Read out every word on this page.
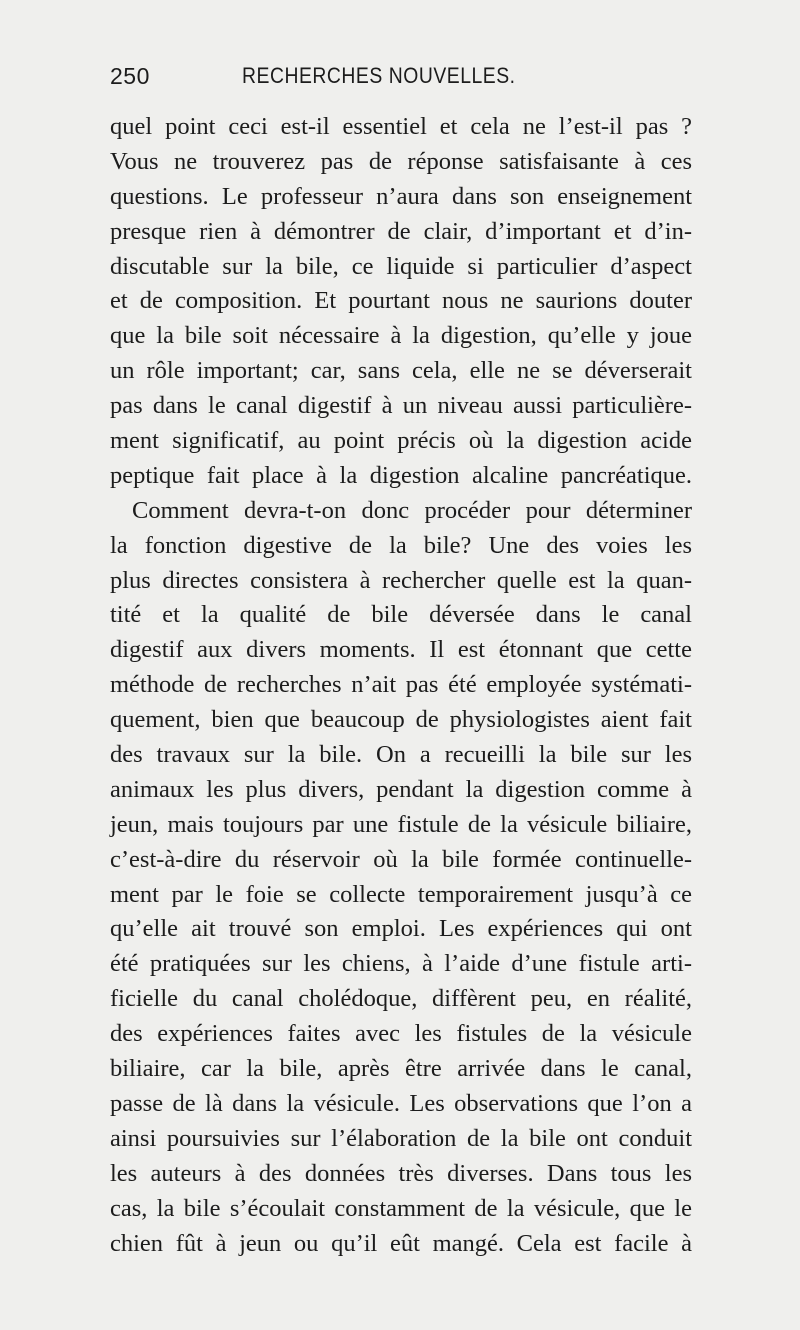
250	RECHERCHES NOUVELLES.
quel point ceci est-il essentiel et cela ne l’est-il pas ?
Vous ne trouverez pas de réponse satisfaisante à ces
questions. Le professeur n’aura dans son enseignement
presque rien à démontrer de clair, d’important et d’in-
discutable sur la bile, ce liquide si particulier d’aspect
et de composition. Et pourtant nous ne saurions douter
que la bile soit nécessaire à la digestion, qu’elle y joue
un rôle important; car, sans cela, elle ne se déverserait
pas dans le canal digestif à un niveau aussi particulière-
ment significatif, au point précis où la digestion acide
peptique fait place à la digestion alcaline pancréatique.
Comment devra-t-on donc procéder pour déterminer
la fonction digestive de la bile? Une des voies les
plus directes consistera à rechercher quelle est la quan-
tité et la qualité de bile déversée dans le canal
digestif aux divers moments. Il est étonnant que cette
méthode de recherches n’ait pas été employée systémati-
quement, bien que beaucoup de physiologistes aient fait
des travaux sur la bile. On a recueilli la bile sur les
animaux les plus divers, pendant la digestion comme à
jeun, mais toujours par une fistule de la vésicule biliaire,
c’est-à-dire du réservoir où la bile formée continuelle-
ment par le foie se collecte temporairement jusqu’à ce
qu’elle ait trouvé son emploi. Les expériences qui ont
été pratiquées sur les chiens, à l’aide d’une fistule arti-
ficielle du canal cholédoque, diffèrent peu, en réalité,
des expériences faites avec les fistules de la vésicule
biliaire, car la bile, après être arrivée dans le canal,
passe de là dans la vésicule. Les observations que l’on a
ainsi poursuivies sur l’élaboration de la bile ont conduit
les auteurs à des données très diverses. Dans tous les
cas, la bile s’écoulait constamment de la vésicule, que le
chien fût à jeun ou qu’il eût mangé. Cela est facile à
